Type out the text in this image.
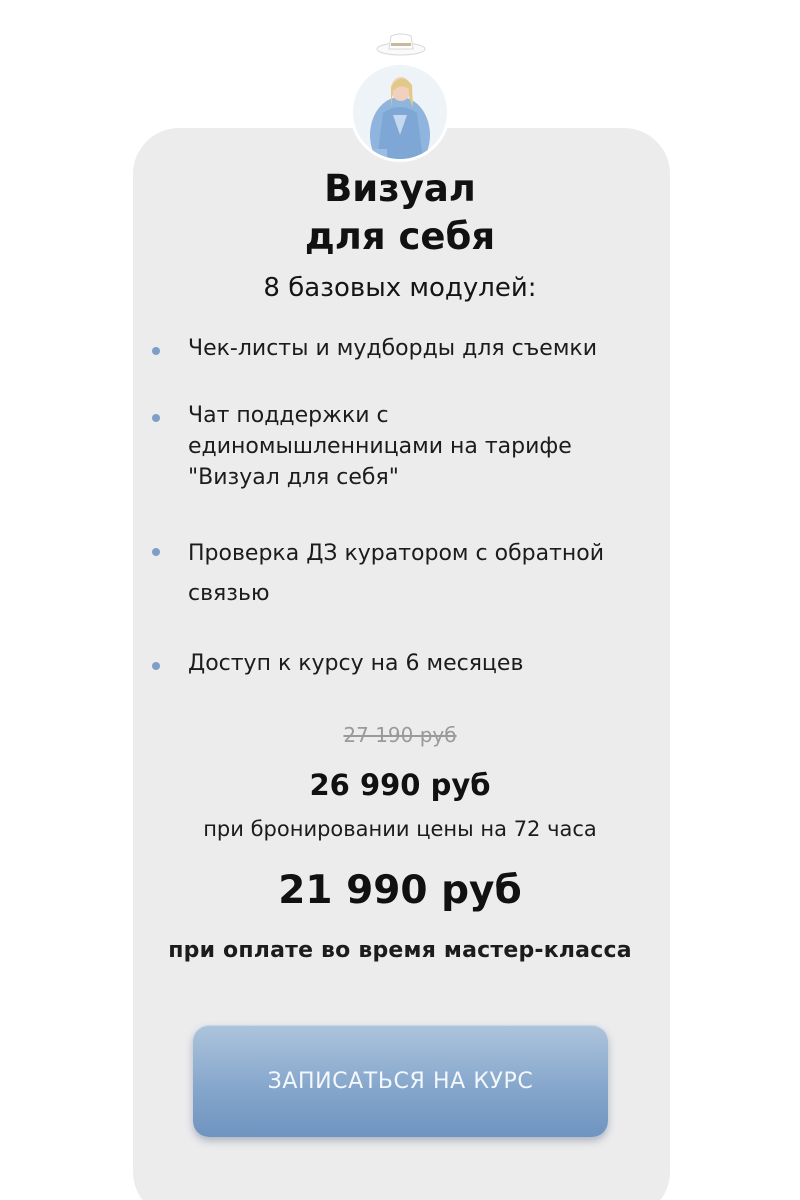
Визуал
для себя
8 базовых модулей:
Чек-листы и мудборды для съемки
Чат поддержки с
единомышленницами на тарифе
"Визуал для себя"
Проверка ДЗ куратором с обратной
связью
Доступ к курсу на 6 месяцев
27 190 руб
26 990 руб
при бронировании цены на 72 часа
21 990 руб
при оплате во время мастер-класса
ЗАПИСАТЬСЯ НА КУРС
